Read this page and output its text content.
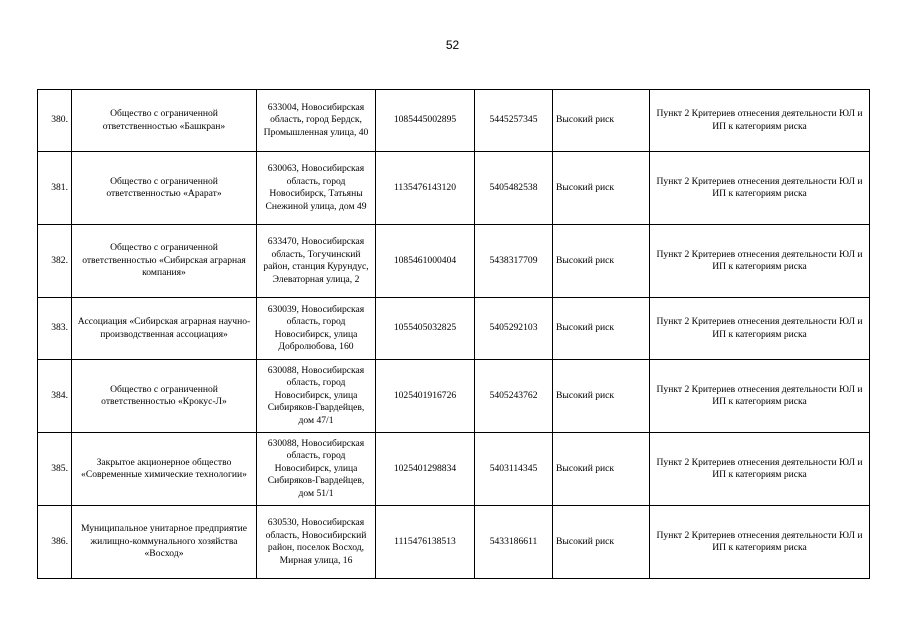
52
380.	Общество с ограниченной ответственностью «Башкран»	633004, Новосибирская область, город Бердск, Промышленная улица, 40	1085445002895	5445257345	Высокий риск	Пункт 2 Критериев отнесения деятельности ЮЛ и ИП к категориям риска
381.	Общество с ограниченной ответственностью «Арарат»	630063, Новосибирская область, город Новосибирск, Татьяны Снежиной улица, дом 49	1135476143120	5405482538	Высокий риск	Пункт 2 Критериев отнесения деятельности ЮЛ и ИП к категориям риска
382.	Общество с ограниченной ответственностью «Сибирская аграрная компания»	633470, Новосибирская область, Тогучинский район, станция Курундус, Элеваторная улица, 2	1085461000404	5438317709	Высокий риск	Пункт 2 Критериев отнесения деятельности ЮЛ и ИП к категориям риска
383.	Ассоциация «Сибирская аграрная научно-производственная ассоциация»	630039, Новосибирская область, город Новосибирск, улица Добролюбова, 160	1055405032825	5405292103	Высокий риск	Пункт 2 Критериев отнесения деятельности ЮЛ и ИП к категориям риска
384.	Общество с ограниченной ответственностью «Крокус-Л»	630088, Новосибирская область, город Новосибирск, улица Сибиряков-Гвардейцев, дом 47/1	1025401916726	5405243762	Высокий риск	Пункт 2 Критериев отнесения деятельности ЮЛ и ИП к категориям риска
385.	Закрытое акционерное общество «Современные химические технологии»	630088, Новосибирская область, город Новосибирск, улица Сибиряков-Гвардейцев, дом 51/1	1025401298834	5403114345	Высокий риск	Пункт 2 Критериев отнесения деятельности ЮЛ и ИП к категориям риска
386.	Муниципальное унитарное предприятие жилищно-коммунального хозяйства «Восход»	630530, Новосибирская область, Новосибирский район, поселок Восход, Мирная улица, 16	1115476138513	5433186611	Высокий риск	Пункт 2 Критериев отнесения деятельности ЮЛ и ИП к категориям риска
